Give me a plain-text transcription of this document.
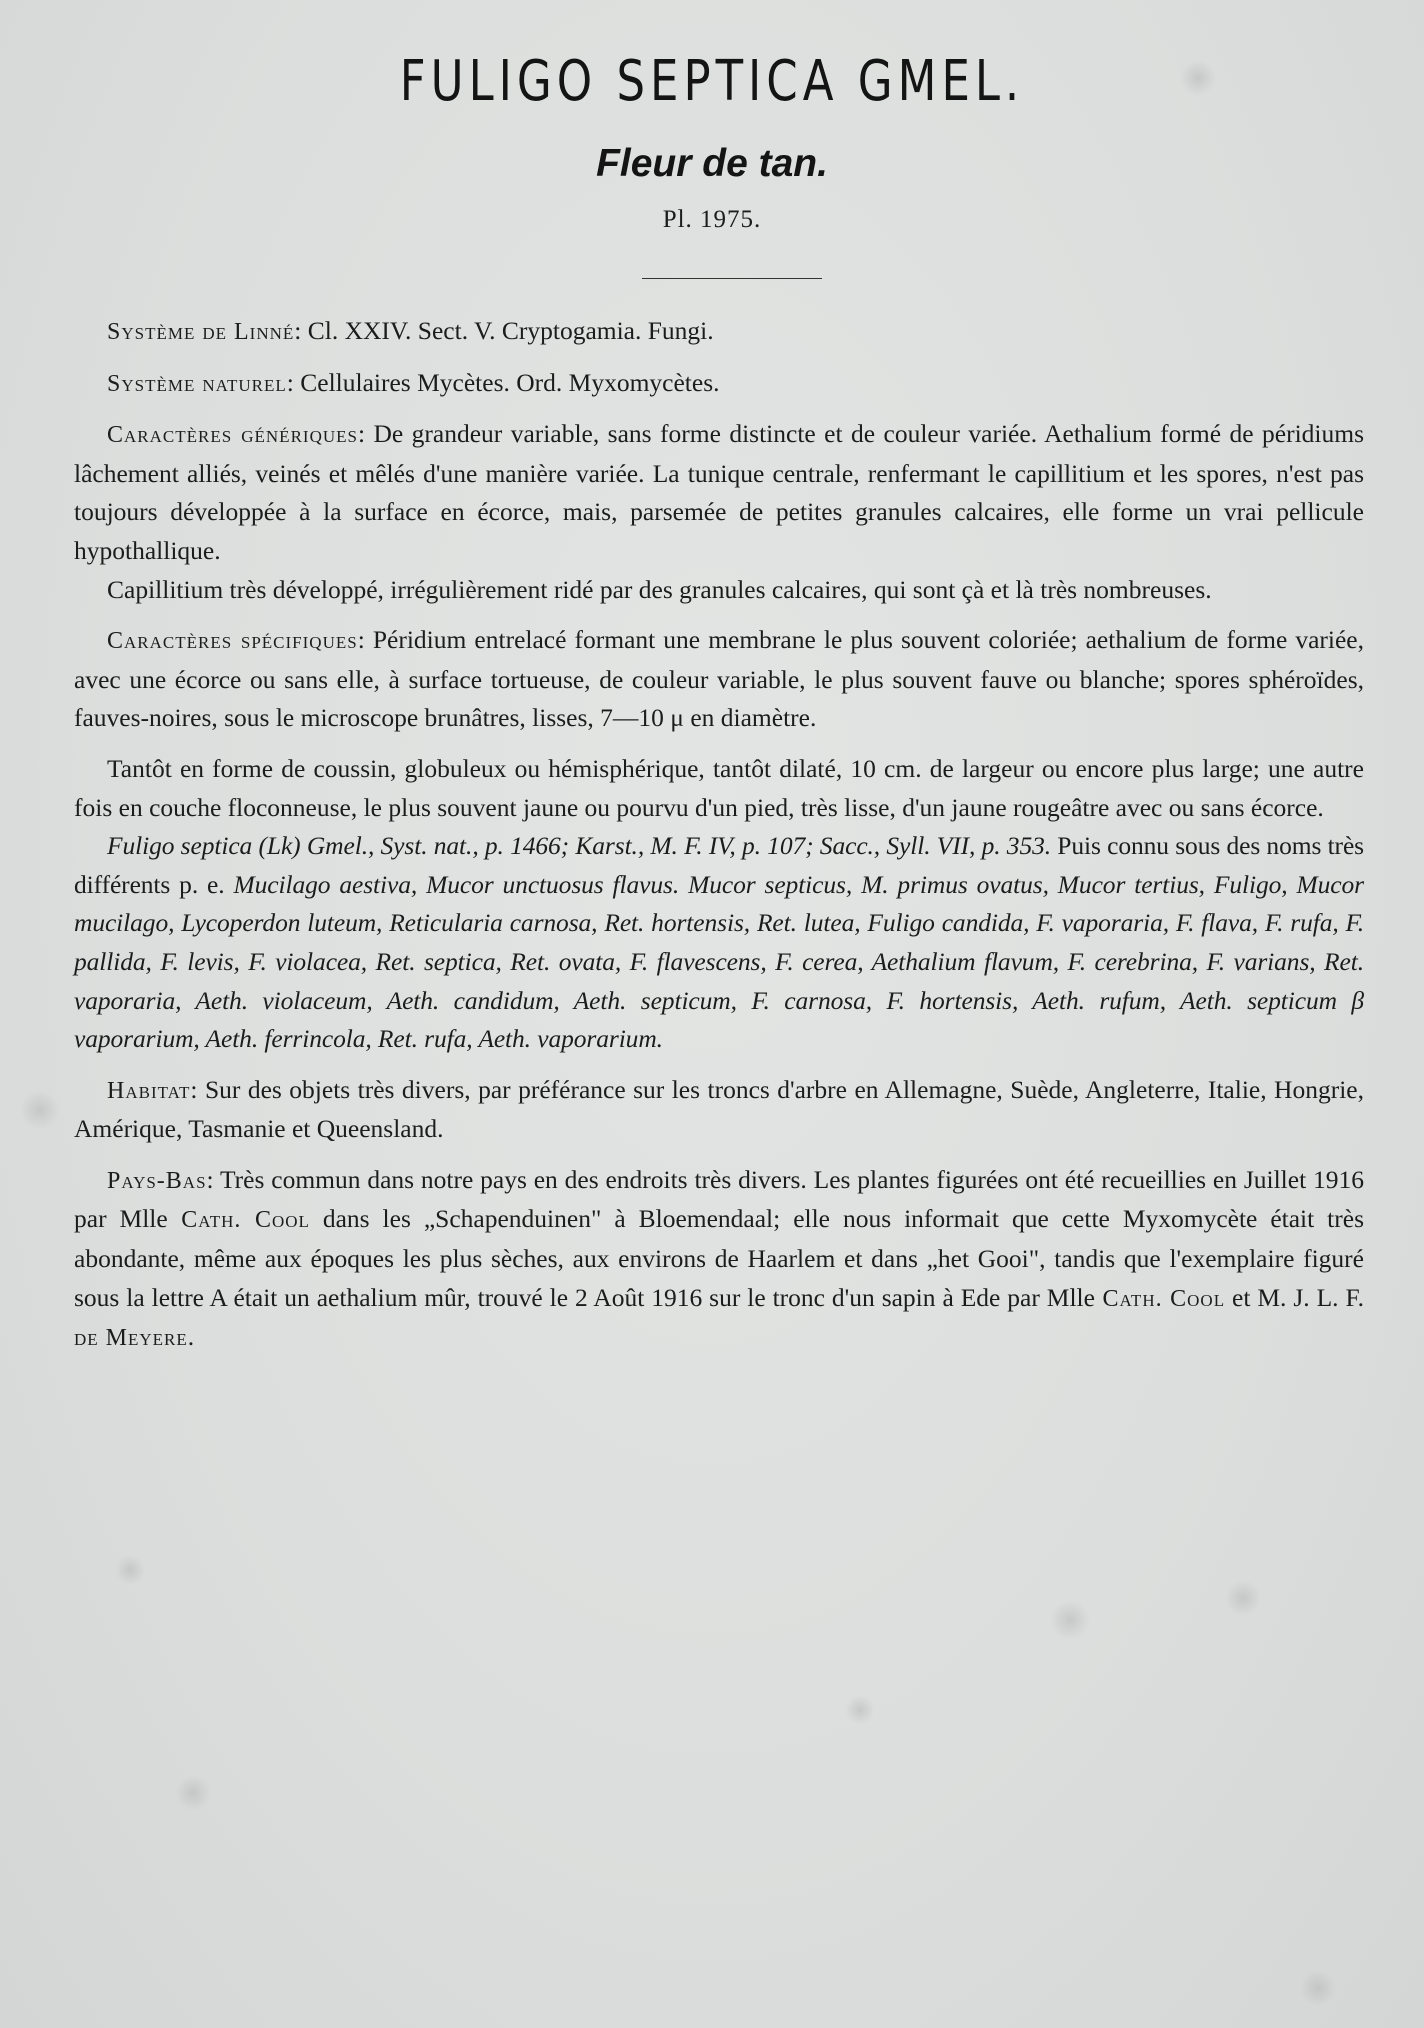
FULIGO SEPTICA GMEL.
Fleur de tan.
Pl. 1975.

Système de Linné: Cl. XXIV. Sect. V. Cryptogamia. Fungi.

Système naturel: Cellulaires Mycètes. Ord. Myxomycètes.

Caractères génériques: De grandeur variable, sans forme distincte et de couleur variée. Aethalium formé de péridiums lâchement alliés, veinés et mêlés d'une manière variée. La tunique centrale, renfermant le capillitium et les spores, n'est pas toujours développée à la surface en écorce, mais, parsemée de petites granules calcaires, elle forme un vrai pellicule hypothallique.

Capillitium très développé, irrégulièrement ridé par des granules calcaires, qui sont çà et là très nombreuses.

Caractères spécifiques: Péridium entrelacé formant une membrane le plus souvent coloriée; aethalium de forme variée, avec une écorce ou sans elle, à surface tortueuse, de couleur variable, le plus souvent fauve ou blanche; spores sphéroïdes, fauves-noires, sous le microscope brunâtres, lisses, 7—10 μ en diamètre.

Tantôt en forme de coussin, globuleux ou hémisphérique, tantôt dilaté, 10 cm. de largeur ou encore plus large; une autre fois en couche floconneuse, le plus souvent jaune ou pourvu d'un pied, très lisse, d'un jaune rougeâtre avec ou sans écorce.

Fuligo septica (Lk) Gmel., Syst. nat., p. 1466; Karst., M. F. IV, p. 107; Sacc., Syll. VII, p. 353. Puis connu sous des noms très différents p. e. Mucilago aestiva, Mucor unctuosus flavus. Mucor septicus, M. primus ovatus, Mucor tertius, Fuligo, Mucor mucilago, Lycoperdon luteum, Reticularia carnosa, Ret. hortensis, Ret. lutea, Fuligo candida, F. vaporaria, F. flava, F. rufa, F. pallida, F. levis, F. violacea, Ret. septica, Ret. ovata, F. flavescens, F. cerea, Aethalium flavum, F. cerebrina, F. varians, Ret. vaporaria, Aeth. violaceum, Aeth. candidum, Aeth. septicum, F. carnosa, F. hortensis, Aeth. rufum, Aeth. septicum β vaporarium, Aeth. ferrincola, Ret. rufa, Aeth. vaporarium.

Habitat: Sur des objets très divers, par préférance sur les troncs d'arbre en Allemagne, Suède, Angleterre, Italie, Hongrie, Amérique, Tasmanie et Queensland.

Pays-Bas: Très commun dans notre pays en des endroits très divers. Les plantes figurées ont été recueillies en Juillet 1916 par Mlle Cath. Cool dans les „Schapenduinen" à Bloemendaal; elle nous informait que cette Myxomycète était très abondante, même aux époques les plus sèches, aux environs de Haarlem et dans „het Gooi", tandis que l'exemplaire figuré sous la lettre A était un aethalium mûr, trouvé le 2 Août 1916 sur le tronc d'un sapin à Ede par Mlle Cath. Cool et M. J. L. F. de Meyere.
